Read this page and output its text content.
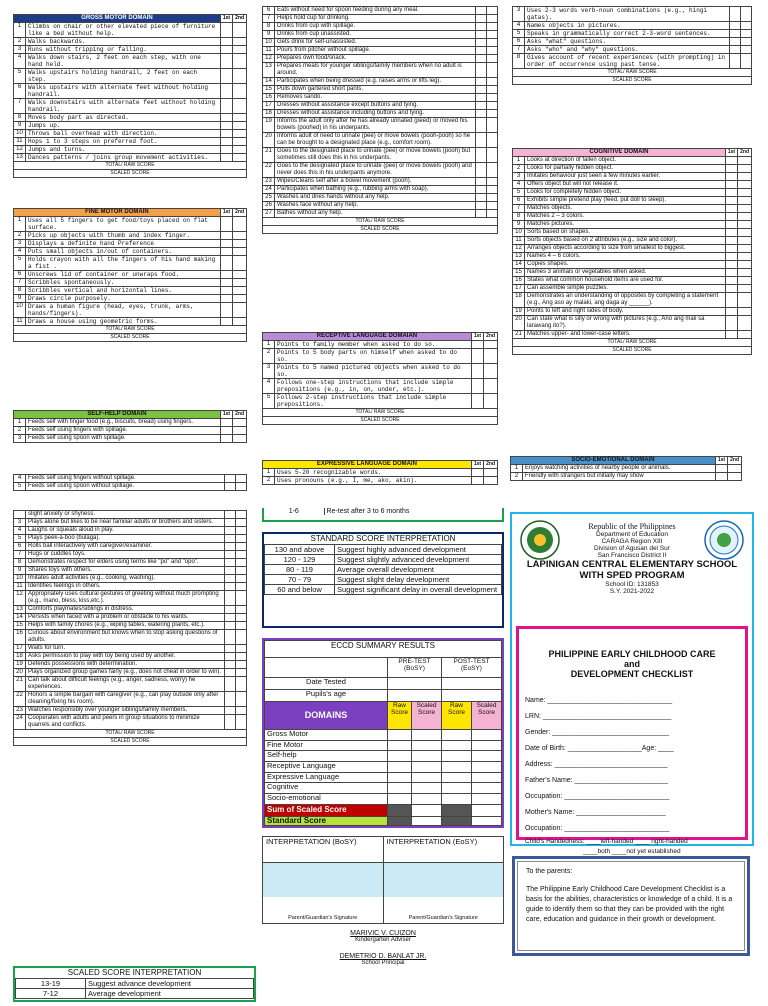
GROSS MOTOR DOMAIN		1st	2nd
1	Climbs on chair or other elevated piece of furniture like a bed without help.		
2	Walks backwards.		
3	Runs without tripping or falling.		
4	Walks down stairs, 2 feet on each step, with one hand held.		
5	Walks upstairs holding handrail, 2 feet on each step.		
6	Walks upstairs with alternate feet without holding handrail.		
7	Walks downstairs with alternate feet without holding handrail.		
8	Moves body part as directed.		
9	Jumps up.		
10	Throws ball overhead with direction.		
11	Hops 1 to 3 steps on preferred foot.		
12	Jumps and turns.		
13	Dances patterns / joins group movement activities.		
TOTAL/ RAW SCORE
SCALED SCORE
FINE MOTOR DOMAIN		1st	2nd
1	Uses all 5 fingers to get food/toys placed on flat surface.		
2	Picks up objects with thumb and index finger.		
3	Displays a definite hand Preference		
4	Puts small objects in/out of containers.		
5	Holds crayon with all the fingers of his hand making a fist .		
6	Unscrews lid of container or unwraps food.		
7	Scribbles spontaneously.		
8	Scribbles vertical and horizontal lines.		
9	Draws circle purposely.		
10	Draws a human figure (head, eyes, trunk, arms, hands/fingers).		
11	Draws a house using geometric forms.		
TOTAL/ RAW SCORE
SCALED SCORE
SELF-HELP DOMAIN		1st	2nd
1	Feeds self with finger food (e.g., biscuits, bread) using fingers.		
2	Feeds self using fingers with spillage.		
3	Feeds self using spoon with spillage.		
4	Feeds self using fingers without spillage.		
5	Feeds self using spoon without spillage.		
6	Eats without need for spoon feeding during any meal.		
7	Helps hold cup for drinking.		
8	Drinks from cup with spillage.		
9	Drinks from cup unassisted.		
10	Gets drink for self-unassisted.		
11	Pours from pitcher without spillage.		
12	Prepares own food/snack.		
13	Prepares meals for younger siblings/family members when no adult is around.		
14	Participates when being dressed (e.g. raises arms or lifts leg).		
15	Pulls down gartered short pants.		
16	Removes sando.		
17	Dresses without assistance except buttons and tying.		
18	Dresses without assistance including buttons and tying.		
19	Informs the adult only after he has already urinated (peed) or moved his bowels (poohed) in his underpants.		
20	Informs adult of need to urinate (pee) or move bowels (pooh-pooh) so he can be brought to a designated place (e.g., comfort room).		
21	Goes to the designated place to urinate (pee) or move bowels (pooh) but sometimes still does this in his underpants.		
22	Goes to the designated place to urinate (pee) or move bowels (pooh) and never does this in his underpants anymore.		
23	Wipes/Cleans self after a bowel movement (pooh).		
24	Participates when bathing (e.g., rubbing arms with soap).		
25	Washes and dries hands without any help.		
26	Washes face without any help.		
27	Bathes without any help.		
TOTAL/ RAW SCORE
SCALED SCORE
RECEPTIVE LANGUAGE DOMAIAN		1st	2nd
1	Points to family member when asked to do so.		
2	Points to 5 body parts on himself when asked to do so.		
3	Points to 5 named pictured objects when asked to do so.		
4	Follows one-step instructions that include simple prepositions (e.g., in, on, under, etc.).		
5	Follows 2-step instructions that include simple prepositions.		
TOTAL/ RAW SCORE
SCALED SCORE
EXPRESSIVE LANGUAGE DOMAIN		1st	2nd
1	Uses 5-20 recognizable words.		
2	Uses pronouns (e.g., I, me, ako, akin).		
3	Uses 2-3 words verb-noun combinations (e.g., hingi gatas).		
4	Names objects in pictures.		
5	Speaks in grammatically correct 2-3-word sentences.		
6	Asks "what" questions.		
7	Asks "who" and "why" questions.		
8	Gives account of recent experiences (with prompting) in order of occurrence using past tense.		
TOTAL/ RAW SCORE
SCALED SCORE
COGNITIVE DOMAIN		1st	2nd
1	Looks at direction of fallen object.		
2	Looks for partially hidden object.		
3	Imitates behaviour just seen a few minutes earlier.		
4	Offers object but will not release it.		
5	Looks for completely hidden object.		
6	Exhibits simple pretend play (feed, put doll to sleep).		
7	Matches objects.		
8	Matches 2 – 3 colors.		
9	Matches pictures.		
10	Sorts based on shapes.		
11	Sorts objects based on 2 attributes (e.g., size and color).		
12	Arranges objects according to size from smallest to biggest.		
13	Names 4 – 6 colors.		
14	Copies shapes.		
15	Names 3 animals or vegetables when asked.		
16	States what common household items are used for.		
17	Can assemble simple puzzles.		
18	Demonstrates an understanding of opposites by completing a statement (e.g., Ang aso ay malaki, ang daga ay ______).		
19	Points to left and right sides of body.		
20	Can state what is silly or wrong with pictures (e.g., Ano ang mali sa larawang ito?).		
21	Matches upper- and lower-case letters.		
TOTAL/ RAW SCORE
SCALED SCORE
SOCIO-EMOTIONAL DOMAIN		1st	2nd
1	Enjoys watching activities of nearby people or animals.		
2	Friendly with strangers but initially may show		
	slight anxiety or shyness.		
3	Plays alone but likes to be near familiar adults or brothers and sisters.		
4	Laughs or squeals aloud in play.		
5	Plays peek-a-boo (bulaga).		
6	Rolls ball interactively with caregiver/examiner.		
7	Hugs or cuddles toys.		
8	Demonstrates respect for elders using terms like "po" and "opo".		
9	Shares toys with others.		
10	Imitates adult activities (e.g., cooking, washing).		
11	Identifies feelings in others.		
12	Appropriately uses cultural gestures of greeting without much prompting (e.g., mano, bless, kiss,etc.).		
13	Comforts playmates/siblings in distress.		
14	Persists when faced with a problem or obstacle to his wants.		
15	Helps with family chores (e.g., wiping tables, watering plants, etc.).		
16	Curious about environment but knows when to stop asking questions of adults.		
17	Waits for turn.		
18	Asks permission to play with toy being used by another.		
19	Defends possessions with determination.		
20	Plays organized group games fairly (e.g., does not cheat in order to win).		
21	Can talk about difficult feelings (e.g., anger, sadness, worry) he experiences.		
22	Honors a simple bargain with caregiver (e.g., can play outside only after cleaning/fixing his room).		
23	Watches responsibly over younger siblings/family members.		
24	Cooperates with adults and peers in group situations to minimize quarrels and conflicts.		
TOTAL/ RAW SCORE
SCALED SCORE
SCALED SCORE INTERPRETATION
13-19	Suggest advance development
7-12	Average development
1-6	Re-test after 3 to 6 months
STANDARD SCORE INTERPRETATION
130 and above	Suggest highly advanced development
120 - 129	Suggest slightly advanced development
80 - 119	Average overall development
70 - 79	Suggest slight delay development
60 and below	Suggest significant delay in overall development
ECCD SUMMARY RESULTS				
	PRE-TEST (BoSY)		POST-TEST (EoSY)
Date Tested				
Pupils's age				
DOMAINS	Raw Score	Scaled Score	Raw Score	Scaled Score
Gross Motor				
Fine Motor				
Self-help				
Receptive Language				
Expressive Language				
Cognitive				
Socio-emotional				
Sum of Scaled Score				
Standard Score				
INTERPRETATION (BoSY)
Parent/Guardian's Signature
INTERPRETATION (EoSY)
Parent/Guardian's Signature
MARIVIC V. CUIZON
Kindergarten Adviser
DEMETRIO D. BANLAT JR.
School Principal
Republic of the Philippines
Department of Education
CARAGA Region XIII
Division of Agusan del Sur
San Francisco District II
LAPINIGAN CENTRAL ELEMENTARY SCHOOL WITH SPED PROGRAM
School ID: 131853
S.Y. 2021-2022
PHILIPPINE EARLY CHILDHOOD CARE
and
DEVELOPMENT CHECKLIST
Name: ________________________________
LRN: _________________________________
Gender: ______________________________
Date of Birth: ___________________Age: ____
Address: _____________________________
Father's Name: ________________________
Occupation: ___________________________
Mother's Name: _______________________
Occupation: ___________________________
Child's Handedness: ____left-handed ____ right-handed
____both ____not yet established
To the parents:
The Philippine Early Childhood Care Development Checklist is a basis for the abilities, characteristics or knowledge of a child. It is a guide to identify them so that they can be provided with the right care, education and guidance in their growth or development.
